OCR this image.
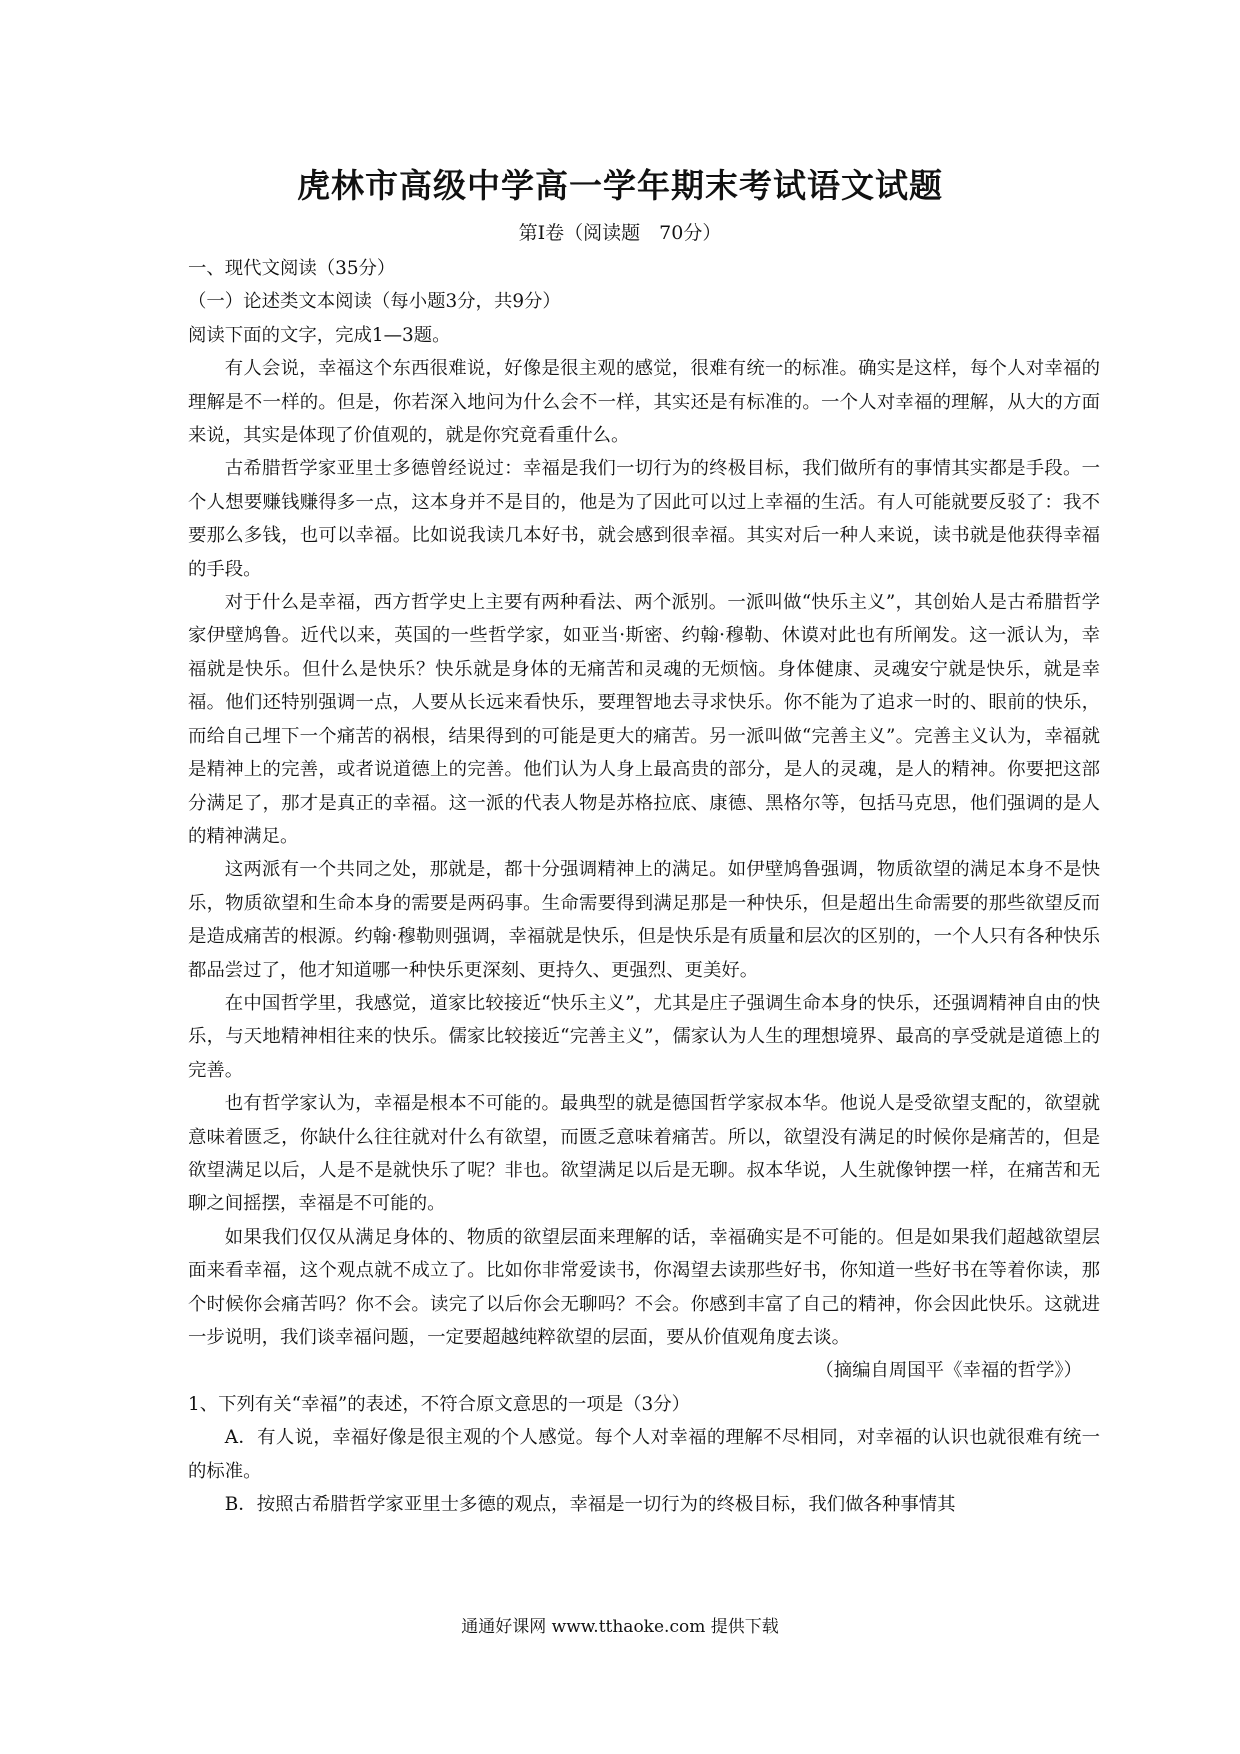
虎林市高级中学高一学年期末考试语文试题
第Ⅰ卷（阅读题　70分）

一、现代文阅读（35分）

（一）论述类文本阅读（每小题3分，共9分）

阅读下面的文字，完成1—3题。

有人会说，幸福这个东西很难说，好像是很主观的感觉，很难有统一的标准。确实是这样，每个人对幸福的理解是不一样的。但是，你若深入地问为什么会不一样，其实还是有标准的。一个人对幸福的理解，从大的方面来说，其实是体现了价值观的，就是你究竟看重什么。

古希腊哲学家亚里士多德曾经说过：幸福是我们一切行为的终极目标，我们做所有的事情其实都是手段。一个人想要赚钱赚得多一点，这本身并不是目的，他是为了因此可以过上幸福的生活。有人可能就要反驳了：我不要那么多钱，也可以幸福。比如说我读几本好书，就会感到很幸福。其实对后一种人来说，读书就是他获得幸福的手段。

对于什么是幸福，西方哲学史上主要有两种看法、两个派别。一派叫做“快乐主义”，其创始人是古希腊哲学家伊壁鸠鲁。近代以来，英国的一些哲学家，如亚当·斯密、约翰·穆勒、休谟对此也有所阐发。这一派认为，幸福就是快乐。但什么是快乐？快乐就是身体的无痛苦和灵魂的无烦恼。身体健康、灵魂安宁就是快乐，就是幸福。他们还特别强调一点，人要从长远来看快乐，要理智地去寻求快乐。你不能为了追求一时的、眼前的快乐，而给自己埋下一个痛苦的祸根，结果得到的可能是更大的痛苦。另一派叫做“完善主义”。完善主义认为，幸福就是精神上的完善，或者说道德上的完善。他们认为人身上最高贵的部分，是人的灵魂，是人的精神。你要把这部分满足了，那才是真正的幸福。这一派的代表人物是苏格拉底、康德、黑格尔等，包括马克思，他们强调的是人的精神满足。

这两派有一个共同之处，那就是，都十分强调精神上的满足。如伊壁鸠鲁强调，物质欲望的满足本身不是快乐，物质欲望和生命本身的需要是两码事。生命需要得到满足那是一种快乐，但是超出生命需要的那些欲望反而是造成痛苦的根源。约翰·穆勒则强调，幸福就是快乐，但是快乐是有质量和层次的区别的，一个人只有各种快乐都品尝过了，他才知道哪一种快乐更深刻、更持久、更强烈、更美好。

在中国哲学里，我感觉，道家比较接近“快乐主义”，尤其是庄子强调生命本身的快乐，还强调精神自由的快乐，与天地精神相往来的快乐。儒家比较接近“完善主义”，儒家认为人生的理想境界、最高的享受就是道德上的完善。

也有哲学家认为，幸福是根本不可能的。最典型的就是德国哲学家叔本华。他说人是受欲望支配的，欲望就意味着匮乏，你缺什么往往就对什么有欲望，而匮乏意味着痛苦。所以，欲望没有满足的时候你是痛苦的，但是欲望满足以后，人是不是就快乐了呢？非也。欲望满足以后是无聊。叔本华说，人生就像钟摆一样，在痛苦和无聊之间摇摆，幸福是不可能的。

如果我们仅仅从满足身体的、物质的欲望层面来理解的话，幸福确实是不可能的。但是如果我们超越欲望层面来看幸福，这个观点就不成立了。比如你非常爱读书，你渴望去读那些好书，你知道一些好书在等着你读，那个时候你会痛苦吗？你不会。读完了以后你会无聊吗？不会。你感到丰富了自己的精神，你会因此快乐。这就进一步说明，我们谈幸福问题，一定要超越纯粹欲望的层面，要从价值观角度去谈。

（摘编自周国平《幸福的哲学》）

1、下列有关“幸福”的表述，不符合原文意思的一项是（3分）

A．有人说，幸福好像是很主观的个人感觉。每个人对幸福的理解不尽相同，对幸福的认识也就很难有统一的标准。

B．按照古希腊哲学家亚里士多德的观点，幸福是一切行为的终极目标，我们做各种事情其

通通好课网 www.tthaoke.com 提供下载
